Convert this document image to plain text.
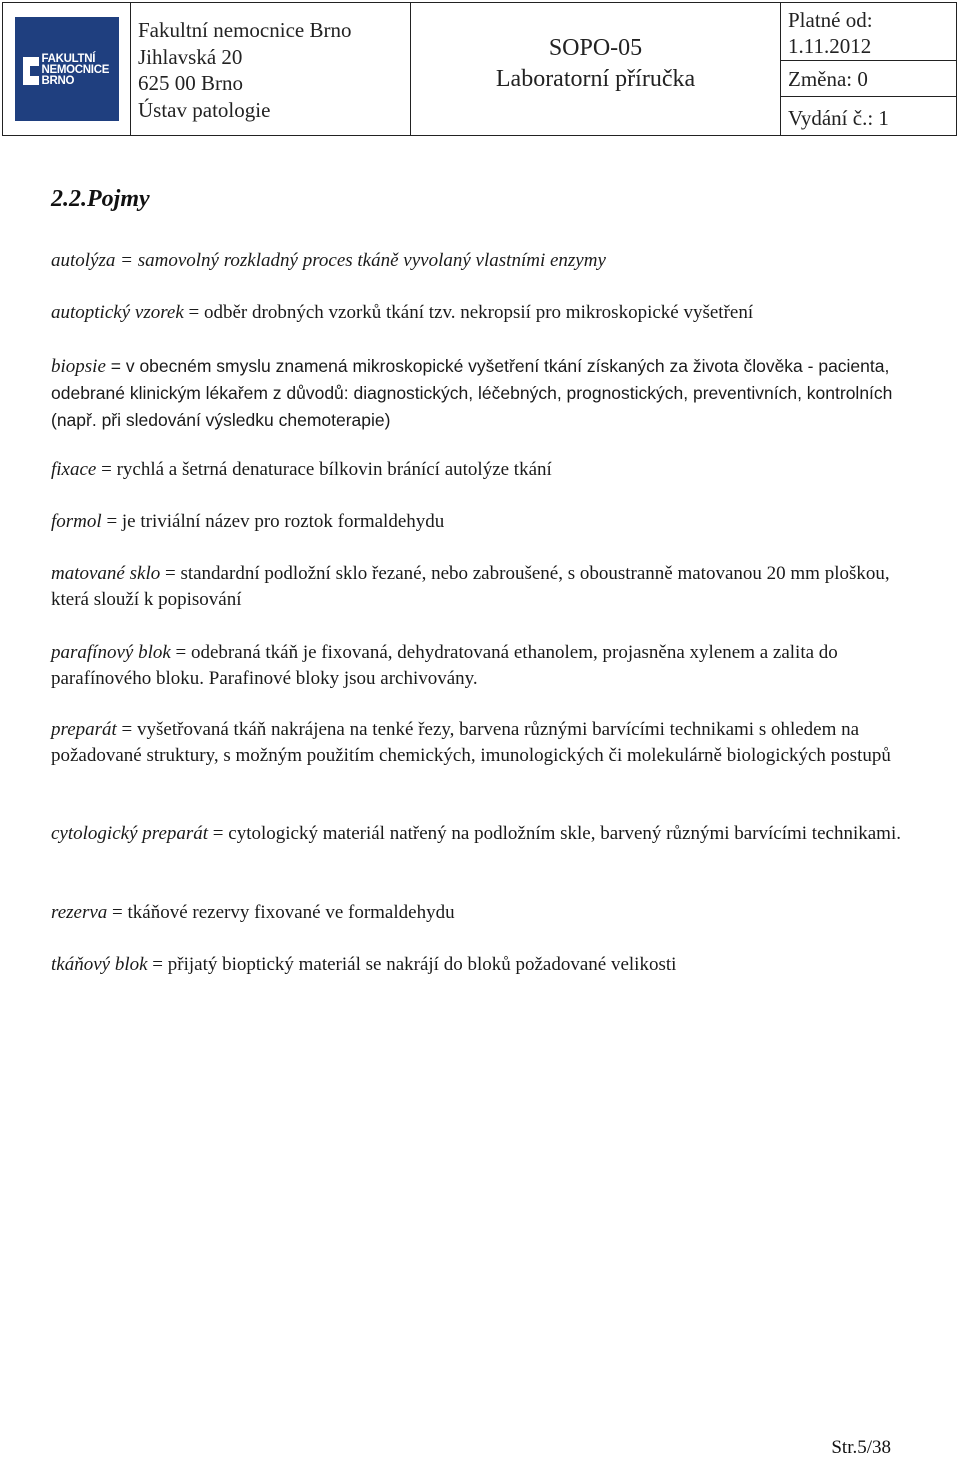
FAKULTNÍ
NEMOCNICE
BRNO
Fakultní nemocnice Brno
Jihlavská 20
625 00 Brno
Ústav patologie
SOPO-05
Laboratorní příručka
Platné od:
1.11.2012
Změna: 0
Vydání č.: 1
2.2.Pojmy

autolýza = samovolný rozkladný proces tkáně vyvolaný vlastními enzymy

autoptický vzorek = odběr drobných vzorků tkání tzv. nekropsií pro mikroskopické vyšetření

biopsie = v obecném smyslu znamená mikroskopické vyšetření tkání získaných za života člověka - pacienta, odebrané klinickým lékařem z důvodů: diagnostických, léčebných, prognostických, preventivních, kontrolních (např. při sledování výsledku chemoterapie)

fixace = rychlá a šetrná denaturace bílkovin bránící autolýze tkání

formol = je triviální název pro roztok formaldehydu

matované sklo = standardní podložní sklo řezané, nebo zabroušené, s oboustranně matovanou 20 mm ploškou, která slouží k popisování

parafínový blok = odebraná tkáň je fixovaná, dehydratovaná ethanolem, projasněna xylenem a zalita do parafínového bloku. Parafinové bloky jsou archivovány.

preparát = vyšetřovaná tkáň nakrájena na tenké řezy, barvena různými barvícími technikami s ohledem na požadované struktury, s možným použitím chemických, imunologických či molekulárně biologických postupů

cytologický preparát = cytologický materiál natřený na podložním skle, barvený různými barvícími technikami.

rezerva = tkáňové rezervy fixované ve formaldehydu

tkáňový blok = přijatý bioptický materiál se nakrájí do bloků požadované velikosti

Str.5/38
